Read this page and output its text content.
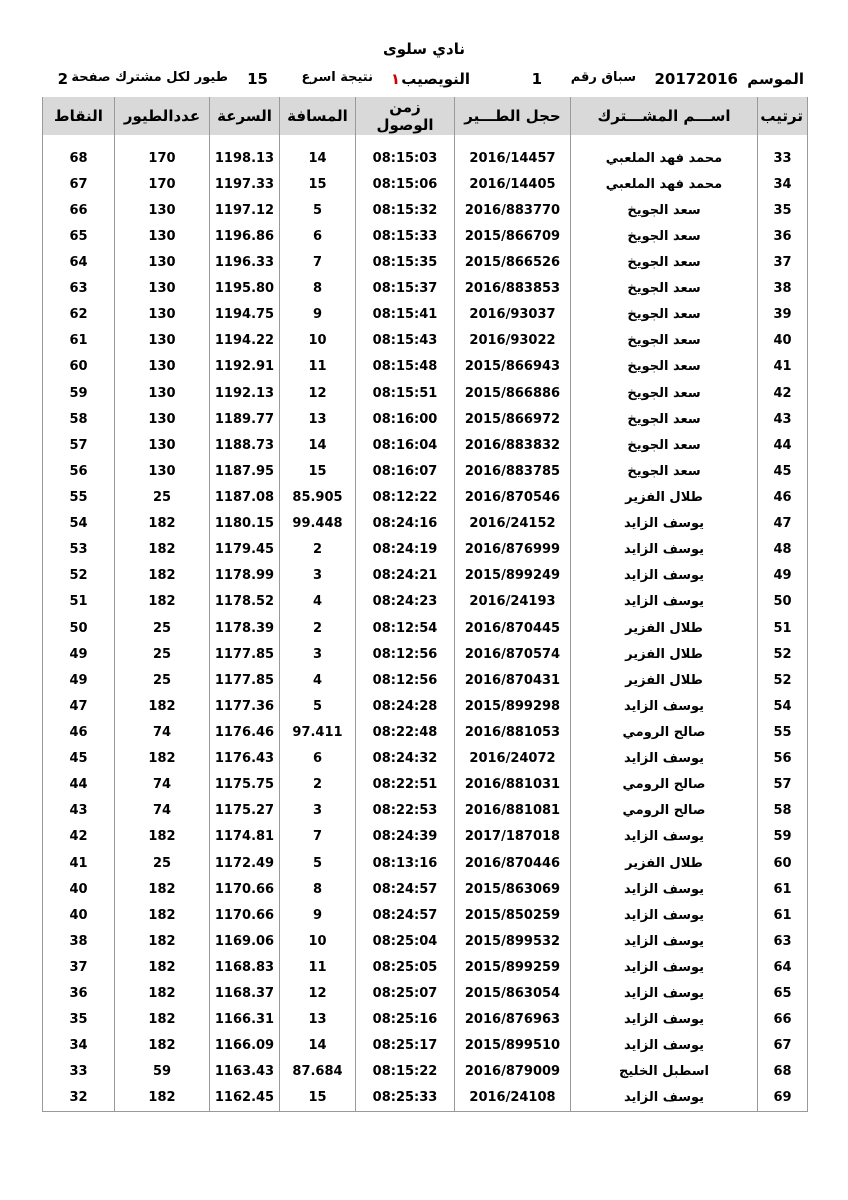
نادي سلوى
الموسم
20172016
سباق رقم
1
النويصيب
١
نتيجة اسرع
15
طيور لكل مشترك صفحة
2
ترتيب	اســـم المشـــترك	حجل الطـــير	زمن الوصول	المسافة	السرعة	عددالطيور	النقاط

33	محمد فهد الملعبي	2016/14457	08:15:03	14	1198.13	170	68
34	محمد فهد الملعبي	2016/14405	08:15:06	15	1197.33	170	67
35	سعد الجويخ	2016/883770	08:15:32	5	1197.12	130	66
36	سعد الجويخ	2015/866709	08:15:33	6	1196.86	130	65
37	سعد الجويخ	2015/866526	08:15:35	7	1196.33	130	64
38	سعد الجويخ	2016/883853	08:15:37	8	1195.80	130	63
39	سعد الجويخ	2016/93037	08:15:41	9	1194.75	130	62
40	سعد الجويخ	2016/93022	08:15:43	10	1194.22	130	61
41	سعد الجويخ	2015/866943	08:15:48	11	1192.91	130	60
42	سعد الجويخ	2015/866886	08:15:51	12	1192.13	130	59
43	سعد الجويخ	2015/866972	08:16:00	13	1189.77	130	58
44	سعد الجويخ	2016/883832	08:16:04	14	1188.73	130	57
45	سعد الجويخ	2016/883785	08:16:07	15	1187.95	130	56
46	طلال الفزير	2016/870546	08:12:22	85.905	1187.08	25	55
47	يوسف الزايد	2016/24152	08:24:16	99.448	1180.15	182	54
48	يوسف الزايد	2016/876999	08:24:19	2	1179.45	182	53
49	يوسف الزايد	2015/899249	08:24:21	3	1178.99	182	52
50	يوسف الزايد	2016/24193	08:24:23	4	1178.52	182	51
51	طلال الفزير	2016/870445	08:12:54	2	1178.39	25	50
52	طلال الفزير	2016/870574	08:12:56	3	1177.85	25	49
52	طلال الفزير	2016/870431	08:12:56	4	1177.85	25	49
54	يوسف الزايد	2015/899298	08:24:28	5	1177.36	182	47
55	صالح الرومي	2016/881053	08:22:48	97.411	1176.46	74	46
56	يوسف الزايد	2016/24072	08:24:32	6	1176.43	182	45
57	صالح الرومي	2016/881031	08:22:51	2	1175.75	74	44
58	صالح الرومي	2016/881081	08:22:53	3	1175.27	74	43
59	يوسف الزايد	2017/187018	08:24:39	7	1174.81	182	42
60	طلال الفزير	2016/870446	08:13:16	5	1172.49	25	41
61	يوسف الزايد	2015/863069	08:24:57	8	1170.66	182	40
61	يوسف الزايد	2015/850259	08:24:57	9	1170.66	182	40
63	يوسف الزايد	2015/899532	08:25:04	10	1169.06	182	38
64	يوسف الزايد	2015/899259	08:25:05	11	1168.83	182	37
65	يوسف الزايد	2015/863054	08:25:07	12	1168.37	182	36
66	يوسف الزايد	2016/876963	08:25:16	13	1166.31	182	35
67	يوسف الزايد	2015/899510	08:25:17	14	1166.09	182	34
68	اسطبل الخليج	2016/879009	08:15:22	87.684	1163.43	59	33
69	يوسف الزايد	2016/24108	08:25:33	15	1162.45	182	32
